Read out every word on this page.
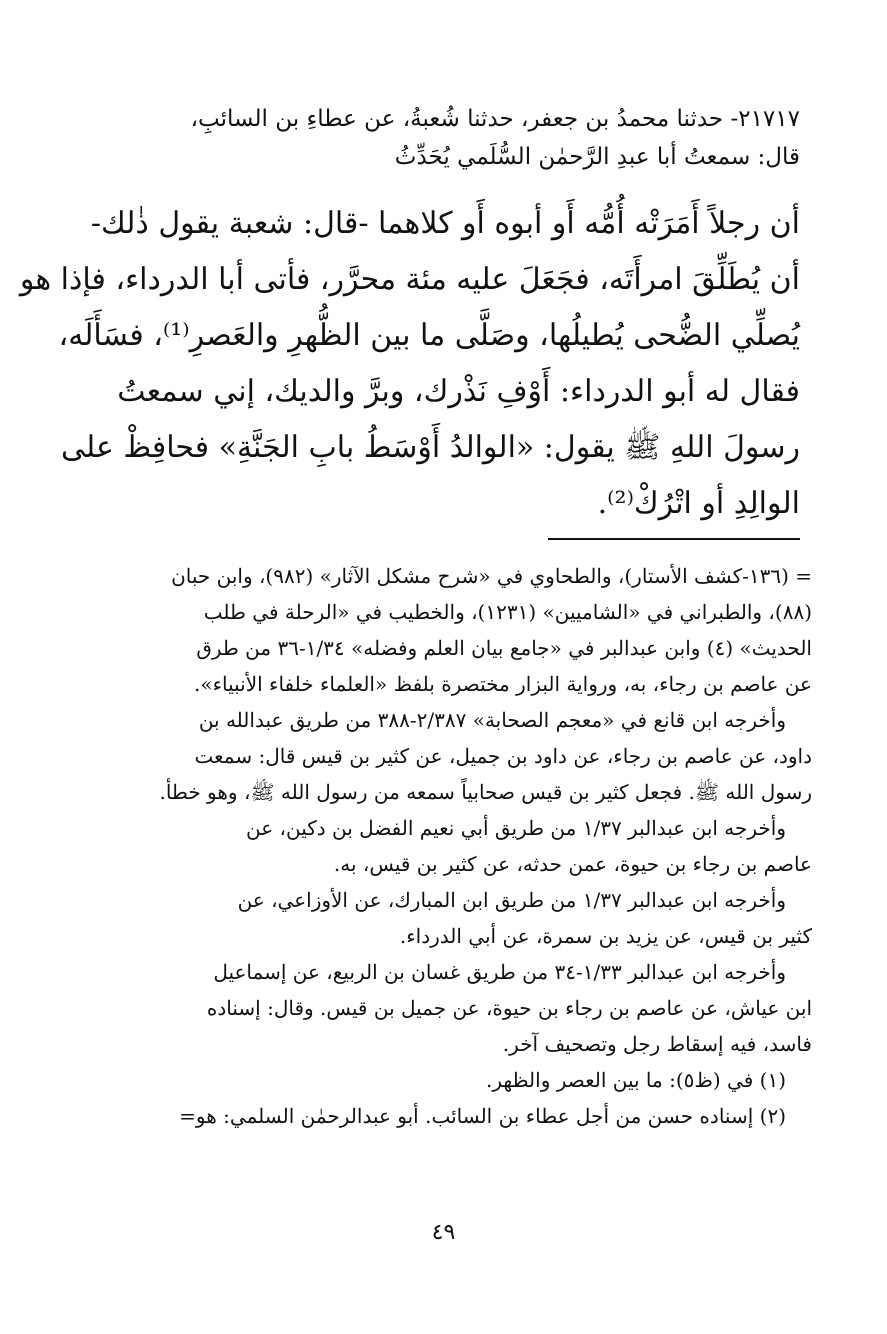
٢١٧١٧- حدثنا محمدُ بن جعفر، حدثنا شُعبةُ، عن عطاءِ بن السائبِ،
قال: سمعتُ أبا عبدِ الرَّحمٰن السُّلَمي يُحَدِّثُ
أن رجلاً أَمَرَتْه أُمُّه أَو أبوه أَو كلاهما -قال: شعبة يقول ذٰلك-
أن يُطَلِّقَ امرأَتَه، فجَعَلَ عليه مئة محرَّر، فأتى أبا الدرداء، فإذا هو
يُصلِّي الضُّحى يُطيلُها، وصَلَّى ما بين الظُّهرِ والعَصرِ⁽¹⁾، فسَأَلَه،
فقال له أبو الدرداء: أَوْفِ نَذْرك، وبرَّ والديك، إني سمعتُ
رسولَ اللهِ ﷺ يقول: «الوالدُ أَوْسَطُ بابِ الجَنَّةِ» فحافِظْ على
الوالِدِ أو اتْرُكْ⁽²⁾.
= (١٣٦-كشف الأستار)، والطحاوي في «شرح مشكل الآثار» (٩٨٢)، وابن حبان
(٨٨)، والطبراني في «الشاميين» (١٢٣١)، والخطيب في «الرحلة في طلب
الحديث» (٤) وابن عبدالبر في «جامع بيان العلم وفضله» ١/٣٤-٣٦ من طرق
عن عاصم بن رجاء، به، ورواية البزار مختصرة بلفظ «العلماء خلفاء الأنبياء».
وأخرجه ابن قانع في «معجم الصحابة» ٢/٣٨٧-٣٨٨ من طريق عبدالله بن
داود، عن عاصم بن رجاء، عن داود بن جميل، عن كثير بن قيس قال: سمعت
رسول الله ﷺ. فجعل كثير بن قيس صحابياً سمعه من رسول الله ﷺ، وهو خطأ.
وأخرجه ابن عبدالبر ١/٣٧ من طريق أبي نعيم الفضل بن دكين، عن
عاصم بن رجاء بن حيوة، عمن حدثه، عن كثير بن قيس، به.
وأخرجه ابن عبدالبر ١/٣٧ من طريق ابن المبارك، عن الأوزاعي، عن
كثير بن قيس، عن يزيد بن سمرة، عن أبي الدرداء.
وأخرجه ابن عبدالبر ١/٣٣-٣٤ من طريق غسان بن الربيع، عن إسماعيل
ابن عياش، عن عاصم بن رجاء بن حيوة، عن جميل بن قيس. وقال: إسناده
فاسد، فيه إسقاط رجل وتصحيف آخر.
(١) في (ظ٥): ما بين العصر والظهر.
(٢) إسناده حسن من أجل عطاء بن السائب. أبو عبدالرحمٰن السلمي: هو=
٤٩
